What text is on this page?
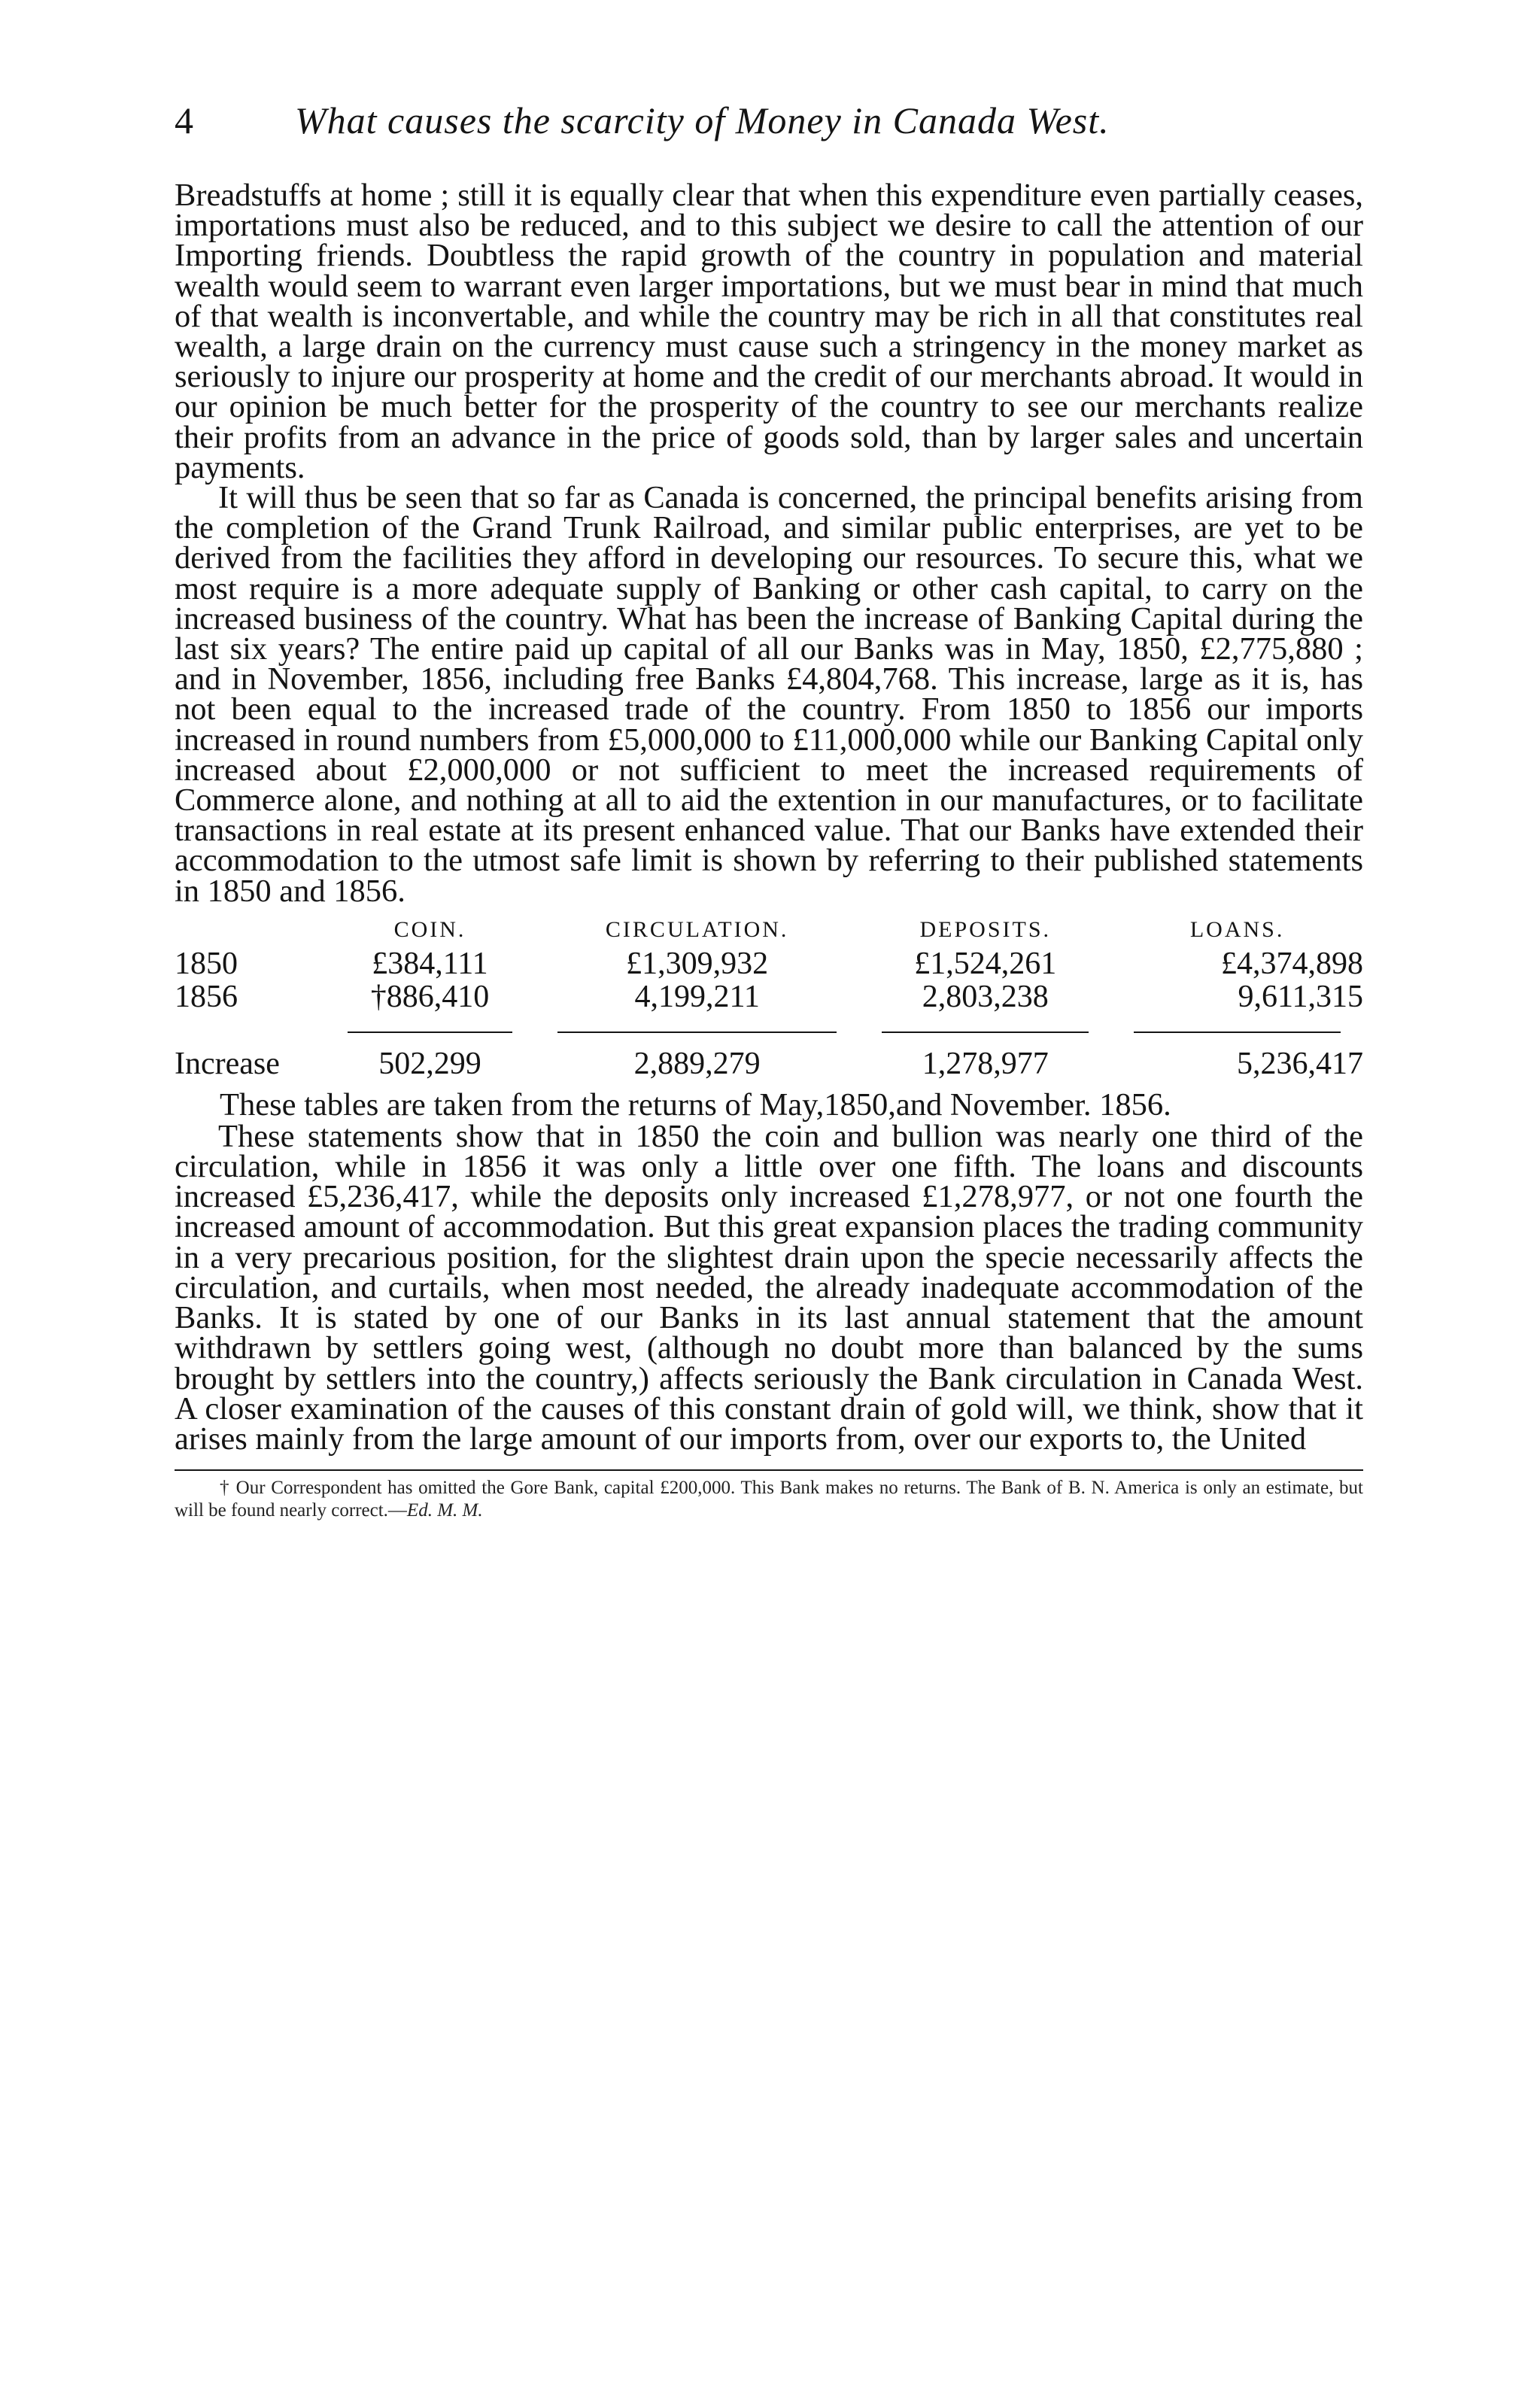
4	What causes the scarcity of Money in Canada West.

Breadstuffs at home ; still it is equally clear that when this expenditure even partially ceases, importations must also be reduced, and to this subject we desire to call the attention of our Importing friends. Doubtless the rapid growth of the country in population and material wealth would seem to warrant even larger importations, but we must bear in mind that much of that wealth is inconvertable, and while the country may be rich in all that constitutes real wealth, a large drain on the currency must cause such a stringency in the money market as seriously to injure our prosperity at home and the credit of our merchants abroad. It would in our opinion be much better for the prosperity of the country to see our merchants realize their profits from an advance in the price of goods sold, than by larger sales and uncertain payments.

It will thus be seen that so far as Canada is concerned, the principal benefits arising from the completion of the Grand Trunk Railroad, and similar public enterprises, are yet to be derived from the facilities they afford in developing our resources. To secure this, what we most require is a more adequate supply of Banking or other cash capital, to carry on the increased business of the country. What has been the increase of Banking Capital during the last six years? The entire paid up capital of all our Banks was in May, 1850, £2,775,880 ; and in November, 1856, including free Banks £4,804,768. This increase, large as it is, has not been equal to the increased trade of the country. From 1850 to 1856 our imports increased in round numbers from £5,000,000 to £11,000,000 while our Banking Capital only increased about £2,000,000 or not sufficient to meet the increased requirements of Commerce alone, and nothing at all to aid the extention in our manufactures, or to facilitate transactions in real estate at its present enhanced value. That our Banks have extended their accommodation to the utmost safe limit is shown by referring to their published statements in 1850 and 1856.

	COIN.	CIRCULATION.	DEPOSITS.	LOANS.
1850	£384,111	£1,309,932	£1,524,261	£4,374,898
1856	†886,410	4,199,211	2,803,238	9,611,315

Increase	502,299	2,889,279	1,278,977	5,236,417

These tables are taken from the returns of May,1850,and November. 1856.

These statements show that in 1850 the coin and bullion was nearly one third of the circulation, while in 1856 it was only a little over one fifth. The loans and discounts increased £5,236,417, while the deposits only increased £1,278,977, or not one fourth the increased amount of accommodation. But this great expansion places the trading community in a very precarious position, for the slightest drain upon the specie necessarily affects the circulation, and curtails, when most needed, the already inadequate accommodation of the Banks. It is stated by one of our Banks in its last annual statement that the amount withdrawn by settlers going west, (although no doubt more than balanced by the sums brought by settlers into the country,) affects seriously the Bank circulation in Canada West. A closer examination of the causes of this constant drain of gold will, we think, show that it arises mainly from the large amount of our imports from, over our exports to, the United

† Our Correspondent has omitted the Gore Bank, capital £200,000. This Bank makes no returns. The Bank of B. N. America is only an estimate, but will be found nearly correct.—Ed. M. M.
